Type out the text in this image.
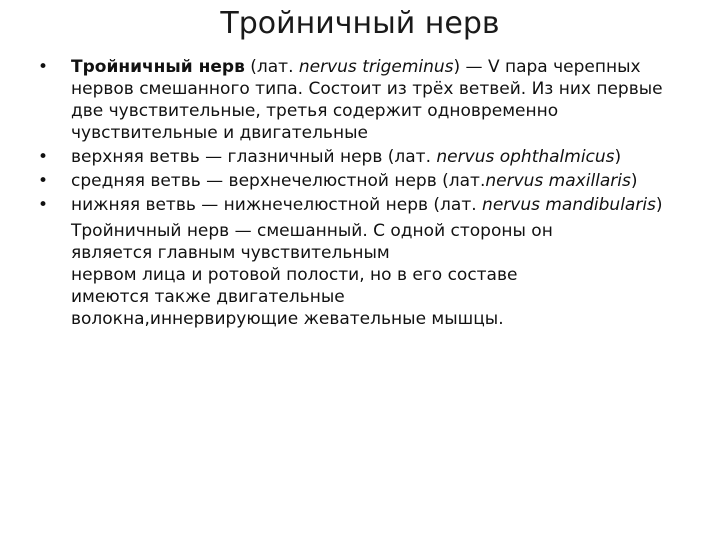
Тройничный нерв
•	Тройничный нерв (лат. nervus trigeminus) — V пара черепных нервов смешанного типа. Состоит из трёх ветвей. Из них первые две чувствительные, третья содержит одновременно чувствительные и двигательные
•	верхняя ветвь — глазничный нерв (лат. nervus ophthalmicus)
•	средняя ветвь — верхнечелюстной нерв (лат.nervus maxillaris)
•	нижняя ветвь — нижнечелюстной нерв (лат. nervus mandibularis)
Тройничный нерв — смешанный. С одной стороны он
является главным чувствительным
нервом лица и ротовой полости, но в его составе
имеются также двигательные
волокна,иннервирующие жевательные мышцы.
